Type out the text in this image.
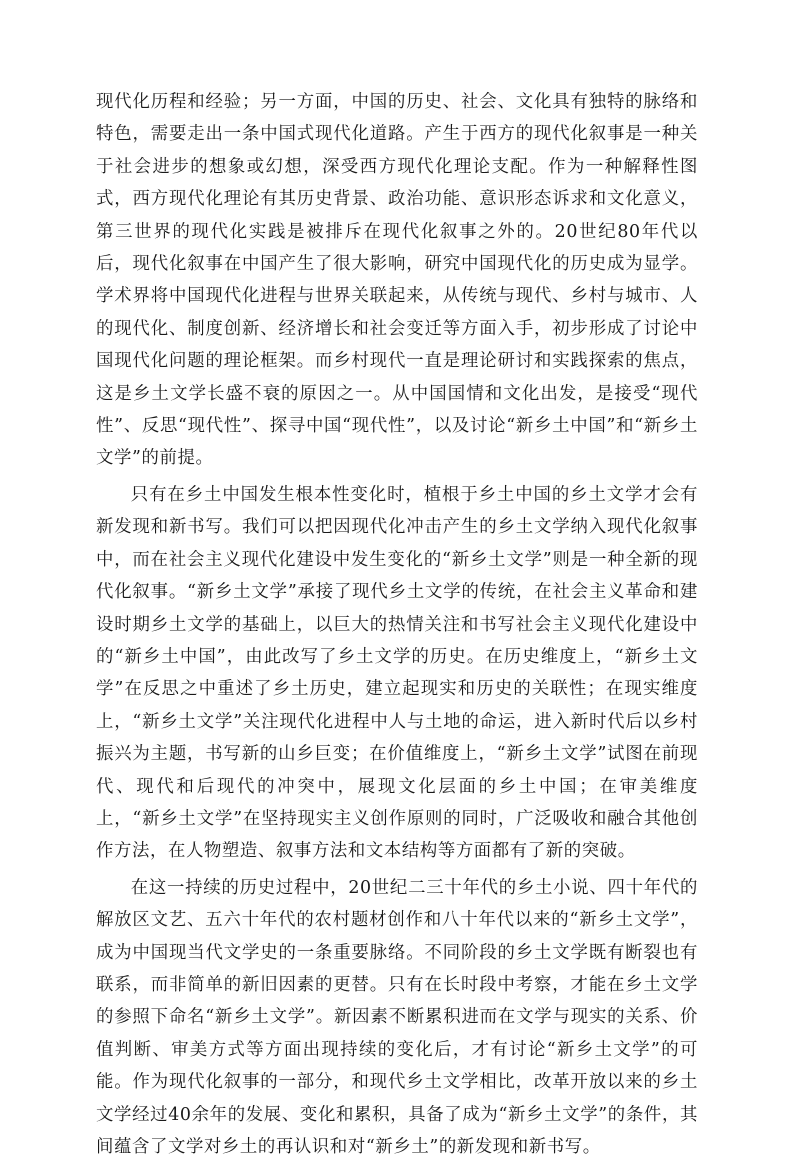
现代化历程和经验；另一方面，中国的历史、社会、文化具有独特的脉络和特色，需要走出一条中国式现代化道路。产生于西方的现代化叙事是一种关于社会进步的想象或幻想，深受西方现代化理论支配。作为一种解释性图式，西方现代化理论有其历史背景、政治功能、意识形态诉求和文化意义，第三世界的现代化实践是被排斥在现代化叙事之外的。20世纪80年代以后，现代化叙事在中国产生了很大影响，研究中国现代化的历史成为显学。学术界将中国现代化进程与世界关联起来，从传统与现代、乡村与城市、人的现代化、制度创新、经济增长和社会变迁等方面入手，初步形成了讨论中国现代化问题的理论框架。而乡村现代一直是理论研讨和实践探索的焦点，这是乡土文学长盛不衰的原因之一。从中国国情和文化出发，是接受“现代性”、反思“现代性”、探寻中国“现代性”，以及讨论“新乡土中国”和“新乡土文学”的前提。

只有在乡土中国发生根本性变化时，植根于乡土中国的乡土文学才会有新发现和新书写。我们可以把因现代化冲击产生的乡土文学纳入现代化叙事中，而在社会主义现代化建设中发生变化的“新乡土文学”则是一种全新的现代化叙事。“新乡土文学”承接了现代乡土文学的传统，在社会主义革命和建设时期乡土文学的基础上，以巨大的热情关注和书写社会主义现代化建设中的“新乡土中国”，由此改写了乡土文学的历史。在历史维度上，“新乡土文学”在反思之中重述了乡土历史，建立起现实和历史的关联性；在现实维度上，“新乡土文学”关注现代化进程中人与土地的命运，进入新时代后以乡村振兴为主题，书写新的山乡巨变；在价值维度上，“新乡土文学”试图在前现代、现代和后现代的冲突中，展现文化层面的乡土中国；在审美维度上，“新乡土文学”在坚持现实主义创作原则的同时，广泛吸收和融合其他创作方法，在人物塑造、叙事方法和文本结构等方面都有了新的突破。

在这一持续的历史过程中，20世纪二三十年代的乡土小说、四十年代的解放区文艺、五六十年代的农村题材创作和八十年代以来的“新乡土文学”，成为中国现当代文学史的一条重要脉络。不同阶段的乡土文学既有断裂也有联系，而非简单的新旧因素的更替。只有在长时段中考察，才能在乡土文学的参照下命名“新乡土文学”。新因素不断累积进而在文学与现实的关系、价值判断、审美方式等方面出现持续的变化后，才有讨论“新乡土文学”的可能。作为现代化叙事的一部分，和现代乡土文学相比，改革开放以来的乡土文学经过40余年的发展、变化和累积，具备了成为“新乡土文学”的条件，其间蕴含了文学对乡土的再认识和对“新乡土”的新发现和新书写。
